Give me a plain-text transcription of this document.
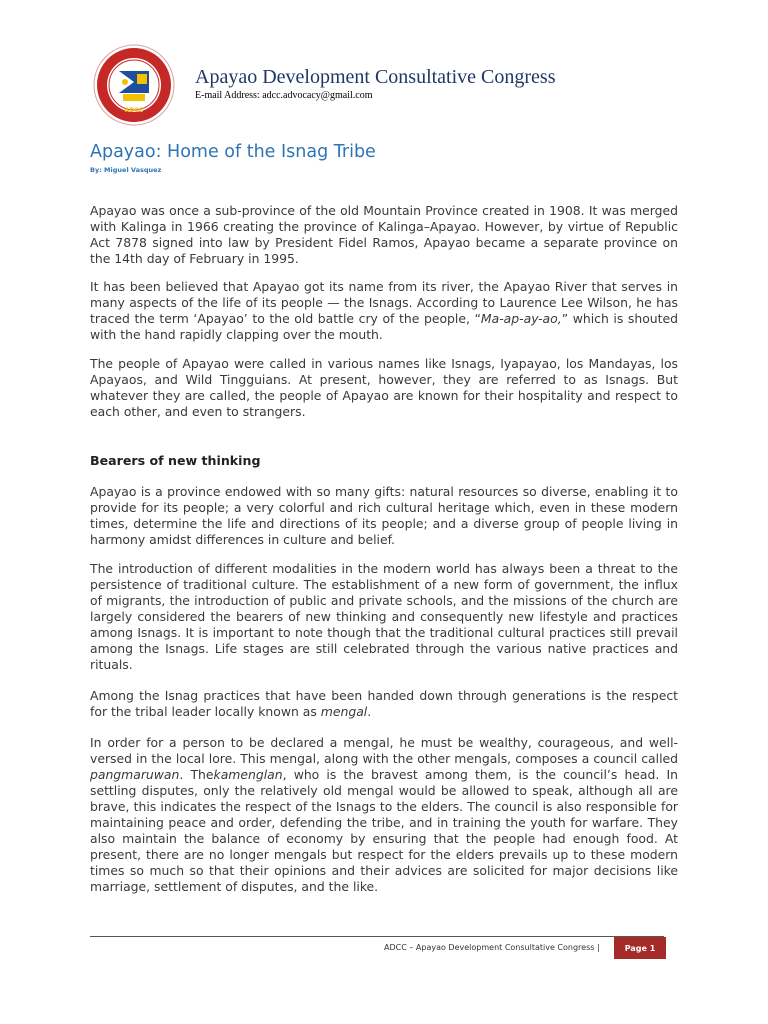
ADCC
Apayao Development Consultative Congress
E-mail Address: adcc.advocacy@gmail.com
Apayao: Home of the Isnag Tribe
By: Miguel Vasquez
Apayao was once a sub-province of the old Mountain Province created in 1908. It was merged with Kalinga in 1966 creating the province of Kalinga–Apayao. However, by virtue of Republic Act 7878 signed into law by President Fidel Ramos, Apayao became a separate province on the 14th day of February in 1995.
It has been believed that Apayao got its name from its river, the Apayao River that serves in many aspects of the life of its people — the Isnags. According to Laurence Lee Wilson, he has traced the term ‘Apayao’ to the old battle cry of the people, “Ma-ap-ay-ao,” which is shouted with the hand rapidly clapping over the mouth.
The people of Apayao were called in various names like Isnags, Iyapayao, los Mandayas, los Apayaos, and Wild Tingguians. At present, however, they are referred to as Isnags. But whatever they are called, the people of Apayao are known for their hospitality and respect to each other, and even to strangers.
Bearers of new thinking
Apayao is a province endowed with so many gifts: natural resources so diverse, enabling it to provide for its people; a very colorful and rich cultural heritage which, even in these modern times, determine the life and directions of its people; and a diverse group of people living in harmony amidst differences in culture and belief.
The introduction of different modalities in the modern world has always been a threat to the persistence of traditional culture. The establishment of a new form of government, the influx of migrants, the introduction of public and private schools, and the missions of the church are largely considered the bearers of new thinking and consequently new lifestyle and practices among Isnags. It is important to note though that the traditional cultural practices still prevail among the Isnags. Life stages are still celebrated through the various native practices and rituals.
Among the Isnag practices that have been handed down through generations is the respect for the tribal leader locally known as mengal.
In order for a person to be declared a mengal, he must be wealthy, courageous, and well-versed in the local lore. This mengal, along with the other mengals, composes a council called pangmaruwan. Thekamenglan, who is the bravest among them, is the council’s head. In settling disputes, only the relatively old mengal would be allowed to speak, although all are brave, this indicates the respect of the Isnags to the elders. The council is also responsible for maintaining peace and order, defending the tribe, and in training the youth for warfare. They also maintain the balance of economy by ensuring that the people had enough food. At present, there are no longer mengals but respect for the elders prevails up to these modern times so much so that their opinions and their advices are solicited for major decisions like marriage, settlement of disputes, and the like.
ADCC – Apayao Development Consultative Congress |	Page 1
